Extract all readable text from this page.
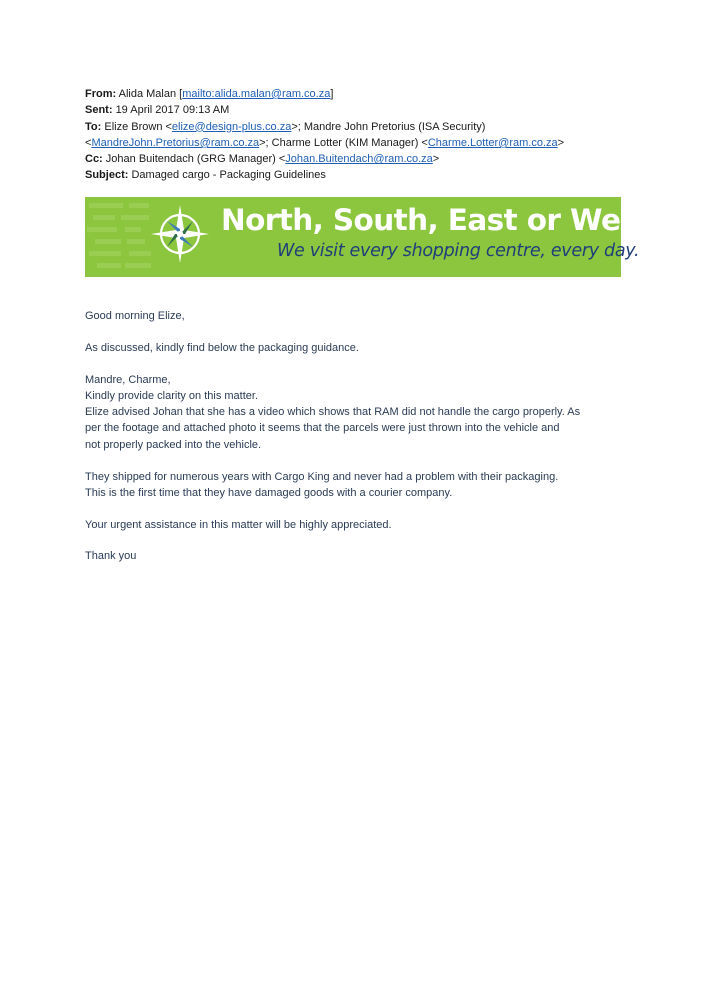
From: Alida Malan [mailto:alida.malan@ram.co.za]
Sent: 19 April 2017 09:13 AM
To: Elize Brown <elize@design-plus.co.za>; Mandre John Pretorius (ISA Security)
<MandreJohn.Pretorius@ram.co.za>; Charme Lotter (KIM Manager) <Charme.Lotter@ram.co.za>
Cc: Johan Buitendach (GRG Manager) <Johan.Buitendach@ram.co.za>
Subject: Damaged cargo - Packaging Guidelines
North, South, East or Westga
We visit every shopping centre, every day.

Good morning Elize,

As discussed, kindly find below the packaging guidance.

Mandre, Charme,
Kindly provide clarity on this matter.
Elize advised Johan that she has a video which shows that RAM did not handle the cargo properly. As
per the footage and attached photo it seems that the parcels were just thrown into the vehicle and
not properly packed into the vehicle.

They shipped for numerous years with Cargo King and never had a problem with their packaging.
This is the first time that they have damaged goods with a courier company.

Your urgent assistance in this matter will be highly appreciated.

Thank you
